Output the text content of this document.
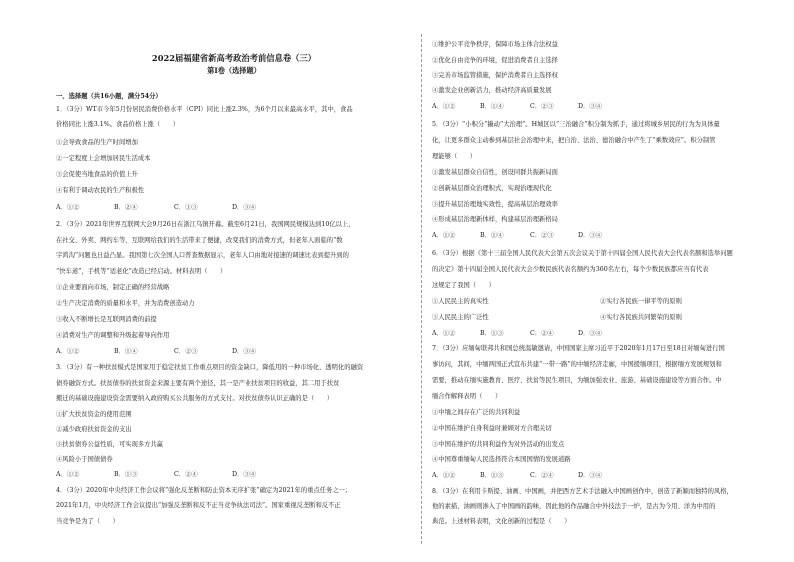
2022届福建省新高考政治考前信息卷（三）
第Ⅰ卷（选择题）
一、选择题（共16小题，满分54分）
1．（3分）WT市今年5月份居民消费价格水平（CPI）同比上涨2.3%，为6个月以来最高水平，其中，食品
价格同比上涨3.1%。食品价格上涨（　　）
①会导致食品的生产时间增加
②一定程度上会增加居民生活成本
③会促使当地食品的价值上升
④有利于调动农民的生产积极性
A．①②	B．②④	C．①③	D．③④
2．（3分）2021年世界互联网大会9月26日在浙江乌镇开幕。截至6月21日，我国网民规模达到10亿以上，
在社交、外卖、网约车等，互联网给我们的生活带来了便捷，改变我们的消费方式，但老年人面临的“数
字鸿沟”问题也日益凸显。我国第七次全国人口普查数据显示，老年人口由地对接速的调速比表到提升到的
“快车道”，手机等“适老化”改造已经启动。材料表明（　　）
①企业要面向市场，制定正确的经营战略
②生产决定消费的质量和水平，并为消费创造动力
③收入不断增长是互联网消费的前提
④消费对生产的调整和升级起着导向作用
A．①②	B．①④	C．②③	D．③④
3．（3分）有一种扶贫模式是国家用于稳定扶贫工作重点项目的资金缺口，降低用的一种市场化、透明化的融资
债券融资方式。扶贫债券的扶贫资金来源主要有两个途径，其一是产业扶贫项目的收益，其二用于扶贫
搬迁的基础设施建设资金需要纳入政府购买公共服务的方式支付。对扶贫债券认识正确的是（　　）
①扩大扶贫资金的使用范围
②减少政府扶贫资金的支出
③扶贫债券公益性质，可实现多方共赢
④风险小于国债债券
A．①②	B．①③	C．②④	D．③④
4．（3分）2020年中央经济工作会议将“强化反垄断和防止资本无序扩张”确定为2021年的重点任务之一；
2021年1月，中央经济工作会议提出“加强反垄断和反不正当竞争执法司法”。国家重视反垄断和反不正
当竞争是为了（　　）
①维护公平竞争秩序，保障市场主体合法权益
②优化自由竞争的环境，促进消费者自主选择
③完善市场监管措施，保护消费者自主选择权
④激发企业创新活力，推动经济高质量发展
A．①②	B．①④	C．②③	D．③④
5．（3分）“小积分”撬动“大治理”。H城区以“三治融合”积分制为抓手，通过将城乡居民的行为为具体量
化，让更多群众主动参到基层社会治理中来，把自治、法治、德治融合中产生了“乘数效应”。积分制管
理能够（　　）
①激发基层群众自信性，创设同群共振新局面
②创新基层群众治理积式，实现治理现代化
③提升基层治理地实效性，提高基层治理效率
④形成基层治理新体样，构建基层治理新格局
A．①②	B．①④	C．②③	D．③④
6．（3分）根据《第十三届全国人民代表大会第五次会议关于第十四届全国人民代表大会代表名额和选举问题
的决定》第十四届全国人民代表大会少数民族代表名额约为360名左右，每个少数民族都应当有代表
这规定了我国（　　）
①人民民主的真实性	②实行各民族一律平等的原则
③人民民主的广泛性	④实行各民族共同繁荣的原则
A．①②	B．①③	C．②④	D．③④
7．（3分）应缅甸联邦共和国总统温敏邀请，中国国家主席习近平于2020年1月17日至18日对缅甸进行国
事访问，其间，中缅两国正式宣布共建“一带一路”的中缅经济走廊，中国援缅项目，根据缅方发展规划和
需要，推动在缅实施教育、医疗、扶贫等民生项目，为缅加强农业、旅游、基础设施建设等方面合作。中
缅合作解释表明（　　）
①中缅之间存在广泛的共同利益
②中国在维护自身利益时兼顾对方合理关切
③中国在维护的共同利益作为对外活动的出发点
④中国尊重缅甸人民选择符合本国国情的发展道路
A．①②	B．①③	C．②④	D．③④
8．（3分）在利用卡斯提、油画、中国画，并把西方艺术手法融入中国画创作中，创造了新颖而独特的风格，
他的素描、油画则渗入了中国画的韵味，因此他的作品融合中外技法于一炉，是古为今用、洋为中用的
典范。上述材料表明，文化创新的过程是（　　）
